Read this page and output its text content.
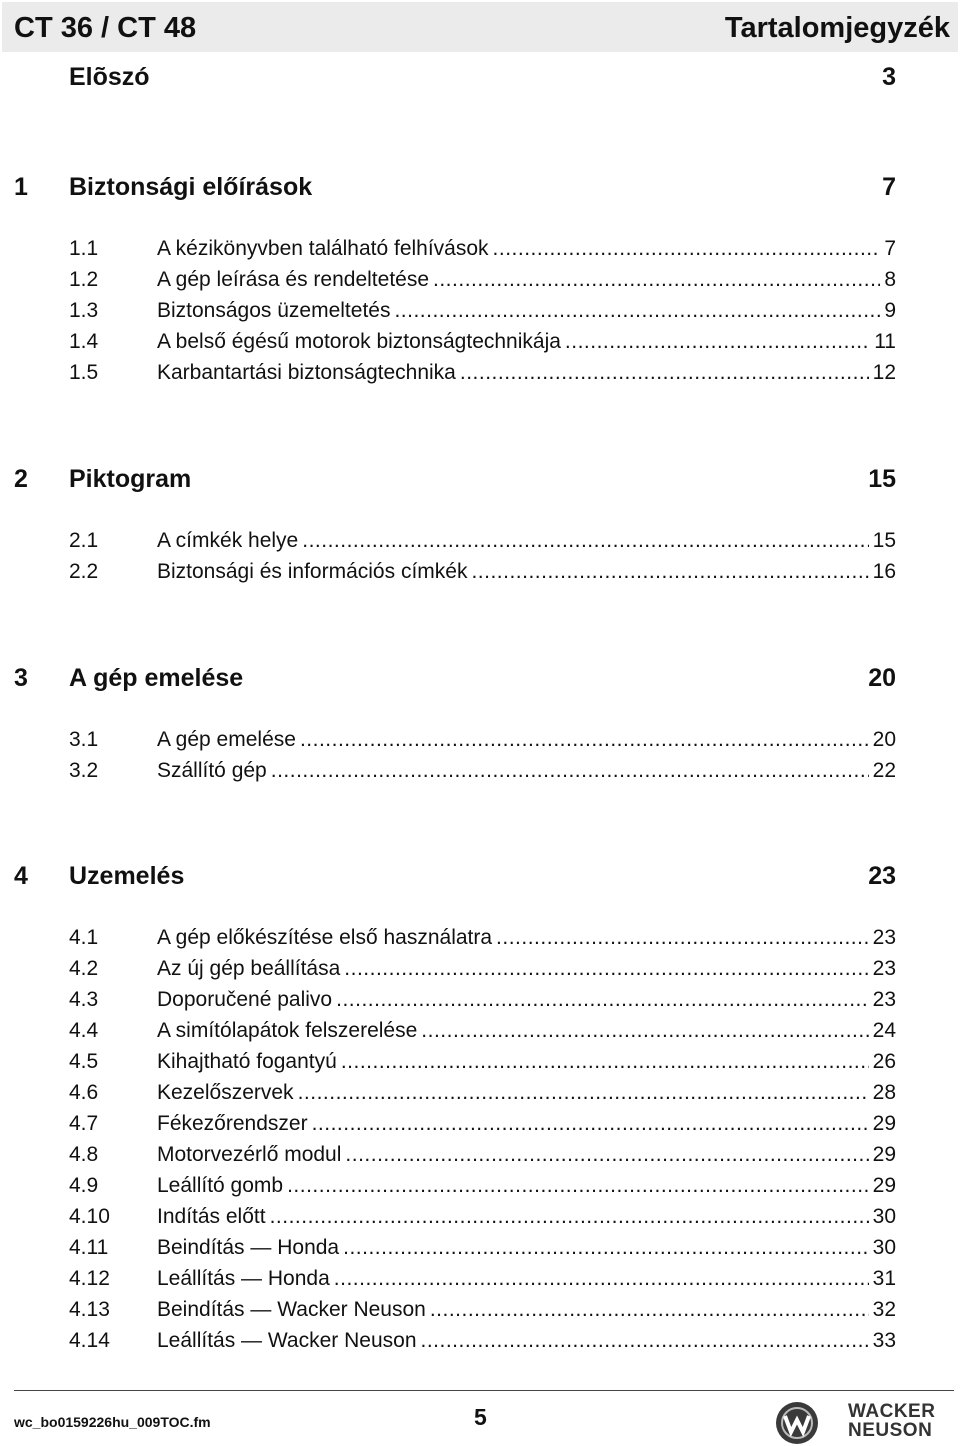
CT 36 / CT 48	Tartalomjegyzék
Elõszó	3
1 Biztonsági előírások	7
1.1	A kézikönyvben található felhívások .....	7
1.2	A gép leírása és rendeltetése .....	8
1.3	Biztonságos üzemeltetés .....	9
1.4	A belső égésű motorok biztonságtechnikája .....	11
1.5	Karbantartási biztonságtechnika .....	12
2 Piktogram	15
2.1	A címkék helye .....	15
2.2	Biztonsági és információs címkék .....	16
3 A gép emelése	20
3.1	A gép emelése .....	20
3.2	Szállító gép .....	22
4 Uzemelés	23
4.1	A gép előkészítése első használatra .....	23
4.2	Az új gép beállítása .....	23
4.3	Doporučené palivo .....	23
4.4	A simítólapátok felszerelése .....	24
4.5	Kihajtható fogantyú .....	26
4.6	Kezelőszervek .....	28
4.7	Fékezőrendszer .....	29
4.8	Motorvezérlő modul .....	29
4.9	Leállító gomb .....	29
4.10 Indítás előtt .....	30
4.11 Beindítás — Honda .....	30
4.12 Leállítás — Honda .....	31
4.13 Beindítás — Wacker Neuson .....	32
4.14 Leállítás — Wacker Neuson .....	33
wc_bo0159226hu_009TOC.fm	5	WACKER
NEUSON
